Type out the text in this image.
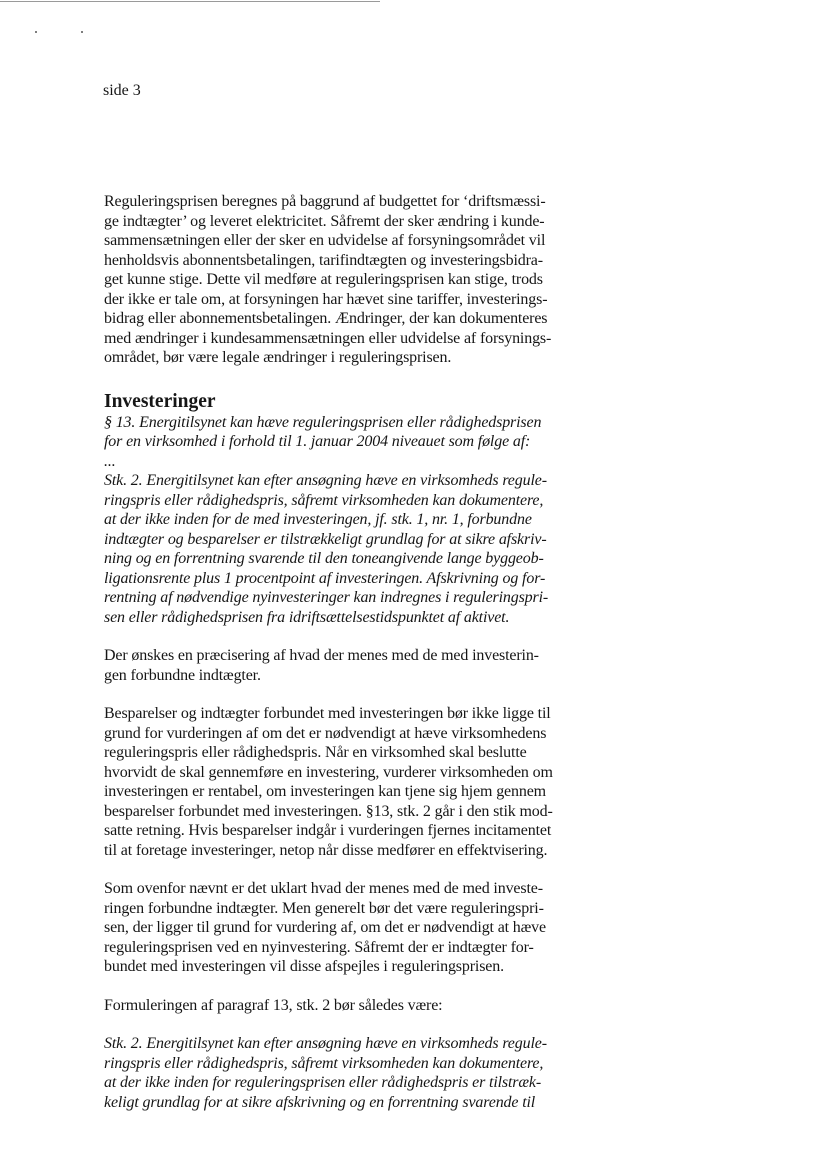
side 3

Reguleringsprisen beregnes på baggrund af budgettet for ‘driftsmæssi-
ge indtægter’ og leveret elektricitet. Såfremt der sker ændring i kunde-
sammensætningen eller der sker en udvidelse af forsyningsområdet vil
henholdsvis abonnentsbetalingen, tarifindtægten og investeringsbidra-
get kunne stige. Dette vil medføre at reguleringsprisen kan stige, trods
der ikke er tale om, at forsyningen har hævet sine tariffer, investerings-
bidrag eller abonnementsbetalingen. Ændringer, der kan dokumenteres
med ændringer i kundesammensætningen eller udvidelse af forsynings-
området, bør være legale ændringer i reguleringsprisen.

Investeringer

§ 13. Energitilsynet kan hæve reguleringsprisen eller rådighedsprisen
for en virksomhed i forhold til 1. januar 2004 niveauet som følge af:

...

Stk. 2. Energitilsynet kan efter ansøgning hæve en virksomheds regule-
ringspris eller rådighedspris, såfremt virksomheden kan dokumentere,
at der ikke inden for de med investeringen, jf. stk. 1, nr. 1, forbundne
indtægter og besparelser er tilstrækkeligt grundlag for at sikre afskriv-
ning og en forrentning svarende til den toneangivende lange byggeob-
ligationsrente plus 1 procentpoint af investeringen. Afskrivning og for-
rentning af nødvendige nyinvesteringer kan indregnes i reguleringspri-
sen eller rådighedsprisen fra idriftsættelsestidspunktet af aktivet.

Der ønskes en præcisering af hvad der menes med de med investerin-
gen forbundne indtægter.

Besparelser og indtægter forbundet med investeringen bør ikke ligge til
grund for vurderingen af om det er nødvendigt at hæve virksomhedens
reguleringspris eller rådighedspris. Når en virksomhed skal beslutte
hvorvidt de skal gennemføre en investering, vurderer virksomheden om
investeringen er rentabel, om investeringen kan tjene sig hjem gennem
besparelser forbundet med investeringen. §13, stk. 2 går i den stik mod-
satte retning. Hvis besparelser indgår i vurderingen fjernes incitamentet
til at foretage investeringer, netop når disse medfører en effektvisering.

Som ovenfor nævnt er det uklart hvad der menes med de med investe-
ringen forbundne indtægter. Men generelt bør det være reguleringspri-
sen, der ligger til grund for vurdering af, om det er nødvendigt at hæve
reguleringsprisen ved en nyinvestering. Såfremt der er indtægter for-
bundet med investeringen vil disse afspejles i reguleringsprisen.

Formuleringen af paragraf 13, stk. 2 bør således være:

Stk. 2. Energitilsynet kan efter ansøgning hæve en virksomheds regule-
ringspris eller rådighedspris, såfremt virksomheden kan dokumentere,
at der ikke inden for reguleringsprisen eller rådighedspris er tilstræk-
keligt grundlag for at sikre afskrivning og en forrentning svarende til
